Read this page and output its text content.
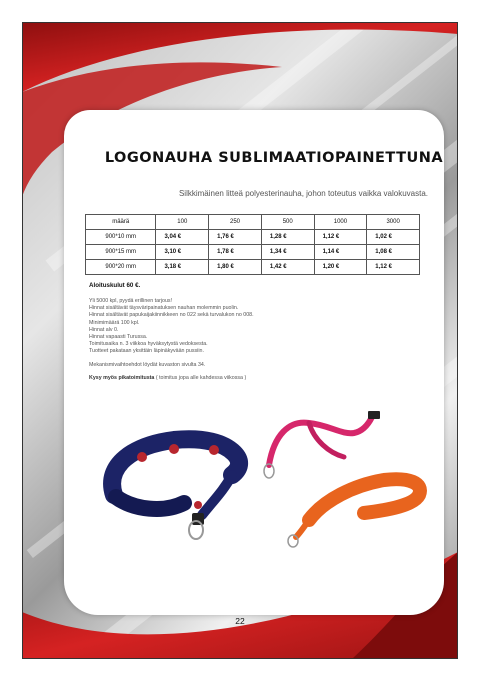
LOGONAUHA SUBLIMAATIOPAINETTUNA

Silkkimäinen litteä polyesterinauha, johon toteutus vaikka valokuvasta.

määrä	100	250	500	1000	3000
900*10 mm	3,04 €	1,76 €	1,28 €	1,12 €	1,02 €
900*15 mm	3,10 €	1,78 €	1,34 €	1,14 €	1,08 €
900*20 mm	3,18 €	1,80 €	1,42 €	1,20 €	1,12 €
Aloituskulut 60 €.

Yli 5000 kpl, pyydä erillinen tarjous!

Hinnat sisältävät täysväripainatuksen nauhan molemmin puolin.

Hinnat sisältävät papukaijakiinnikkeen no 022 sekä turvalukon no 008.

Minimimäärä 100 kpl.

Hinnat alv 0.

Hinnat vapaasti Turussa.

Toimitusaika n. 3 viikkoa hyväksytystä vedoksesta.

Tuotteet pakataan yksittäin läpinäkyvään pussiin.

Mekanismivaihtoehdot löydät kuvaston sivulta 34.

Kysy myös pikatoimitusta ( toimitus jopa alle kahdessa viikossa )

22
